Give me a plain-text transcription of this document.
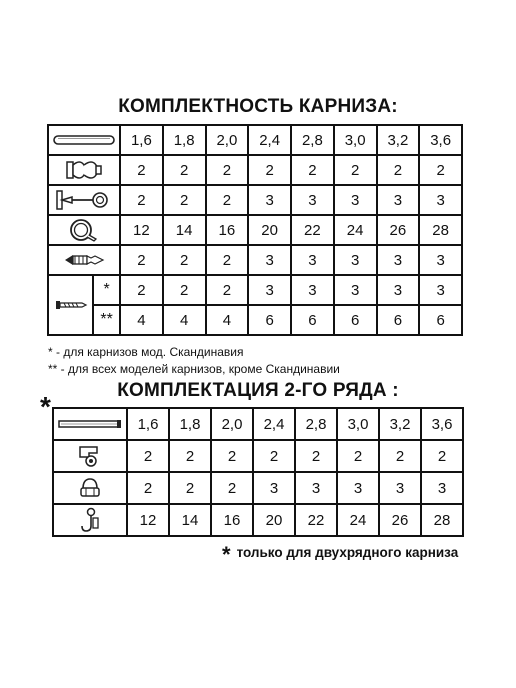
КОМПЛЕКТНОСТЬ КАРНИЗА:
	1,6	1,8	2,0	2,4	2,8	3,0	3,2	3,6

	2	2	2	2	2	2	2	2

	2	2	2	3	3	3	3	3

	12	14	16	20	22	24	26	28

	2	2	2	3	3	3	3	3

	*	2	2	2	3	3	3	3	3
	**	4	4	4	6	6	6	6	6
* - для карнизов мод. Скандинавия
** - для всех моделей карнизов, кроме Скандинавии
КОМПЛЕКТАЦИЯ 2-ГО РЯДА :
*
	1,6	1,8	2,0	2,4	2,8	3,0	3,2	3,6

	2	2	2	2	2	2	2	2

	2	2	2	3	3	3	3	3

	12	14	16	20	22	24	26	28
* только для двухрядного карниза
